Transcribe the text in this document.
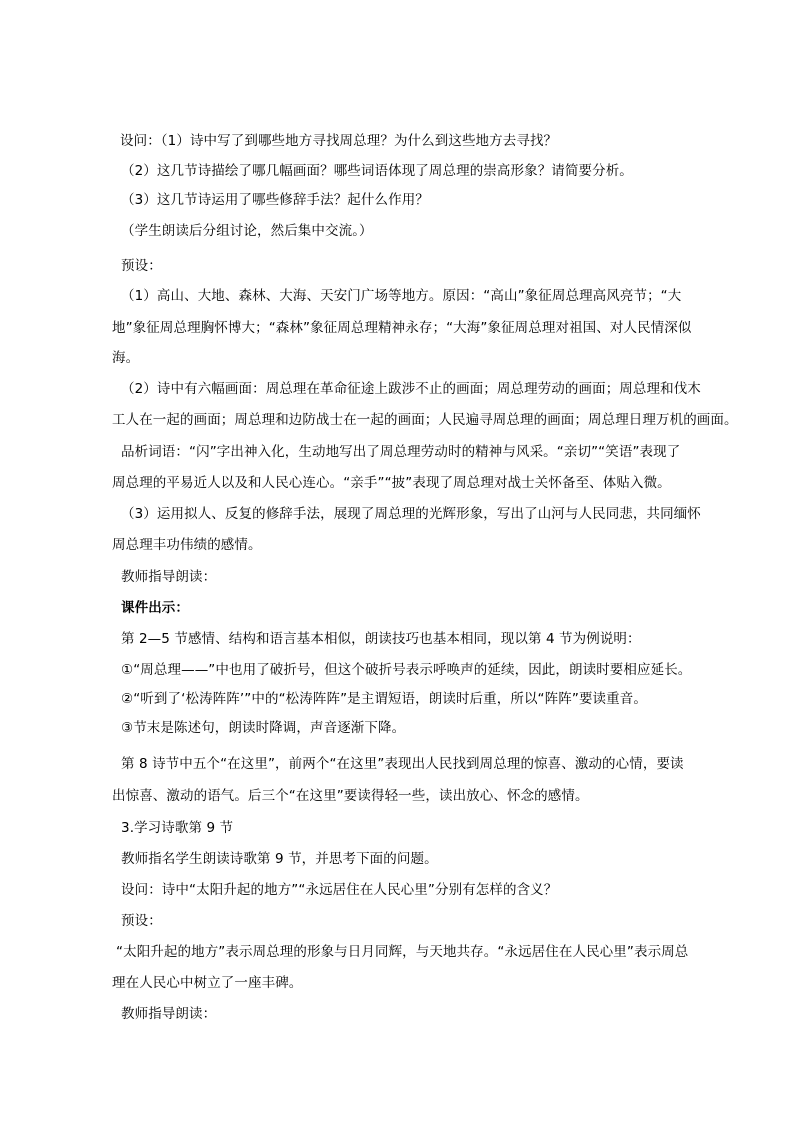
设问：（1）诗中写了到哪些地方寻找周总理？为什么到这些地方去寻找？
（2）这几节诗描绘了哪几幅画面？哪些词语体现了周总理的崇高形象？请简要分析。
（3）这几节诗运用了哪些修辞手法？起什么作用？
（学生朗读后分组讨论，然后集中交流。）
预设：
（1）高山、大地、森林、大海、天安门广场等地方。原因：“高山”象征周总理高风亮节；“大
地”象征周总理胸怀博大；“森林”象征周总理精神永存；“大海”象征周总理对祖国、对人民情深似
海。
（2）诗中有六幅画面：周总理在革命征途上跋涉不止的画面；周总理劳动的画面；周总理和伐木
工人在一起的画面；周总理和边防战士在一起的画面；人民遍寻周总理的画面；周总理日理万机的画面。
品析词语：“闪”字出神入化，生动地写出了周总理劳动时的精神与风采。“亲切”“笑语”表现了
周总理的平易近人以及和人民心连心。“亲手”“披”表现了周总理对战士关怀备至、体贴入微。
（3）运用拟人、反复的修辞手法，展现了周总理的光辉形象，写出了山河与人民同悲，共同缅怀
周总理丰功伟绩的感情。
教师指导朗读：
课件出示：
第 2—5 节感情、结构和语言基本相似，朗读技巧也基本相同，现以第 4 节为例说明：
①“周总理——”中也用了破折号，但这个破折号表示呼唤声的延续，因此，朗读时要相应延长。
②“听到了‘松涛阵阵’”中的“松涛阵阵”是主谓短语，朗读时后重，所以“阵阵”要读重音。
③节末是陈述句，朗读时降调，声音逐渐下降。
第 8 诗节中五个“在这里”，前两个“在这里”表现出人民找到周总理的惊喜、激动的心情，要读
出惊喜、激动的语气。后三个“在这里”要读得轻一些，读出放心、怀念的感情。
3.学习诗歌第 9 节
教师指名学生朗读诗歌第 9 节，并思考下面的问题。
设问：诗中“太阳升起的地方”“永远居住在人民心里”分别有怎样的含义？
预设：
“太阳升起的地方”表示周总理的形象与日月同辉，与天地共存。“永远居住在人民心里”表示周总
理在人民心中树立了一座丰碑。
教师指导朗读：
